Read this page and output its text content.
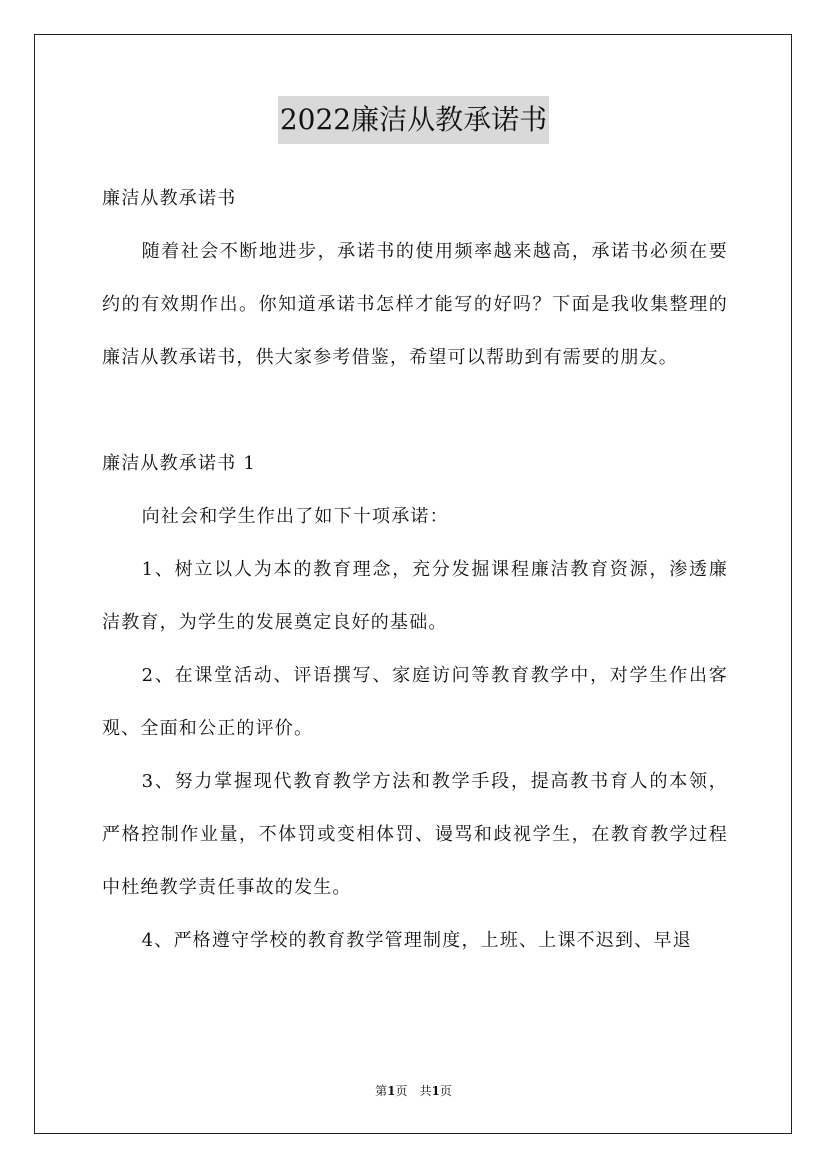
2022廉洁从教承诺书

廉洁从教承诺书

随着社会不断地进步，承诺书的使用频率越来越高，承诺书必须在要约的有效期作出。你知道承诺书怎样才能写的好吗？下面是我收集整理的廉洁从教承诺书，供大家参考借鉴，希望可以帮助到有需要的朋友。

廉洁从教承诺书 1

向社会和学生作出了如下十项承诺：

1、树立以人为本的教育理念，充分发掘课程廉洁教育资源，渗透廉洁教育，为学生的发展奠定良好的基础。

2、在课堂活动、评语撰写、家庭访问等教育教学中，对学生作出客观、全面和公正的评价。

3、努力掌握现代教育教学方法和教学手段，提高教书育人的本领，严格控制作业量，不体罚或变相体罚、谩骂和歧视学生，在教育教学过程中杜绝教学责任事故的发生。

4、严格遵守学校的教育教学管理制度，上班、上课不迟到、早退

第1页　共1页
